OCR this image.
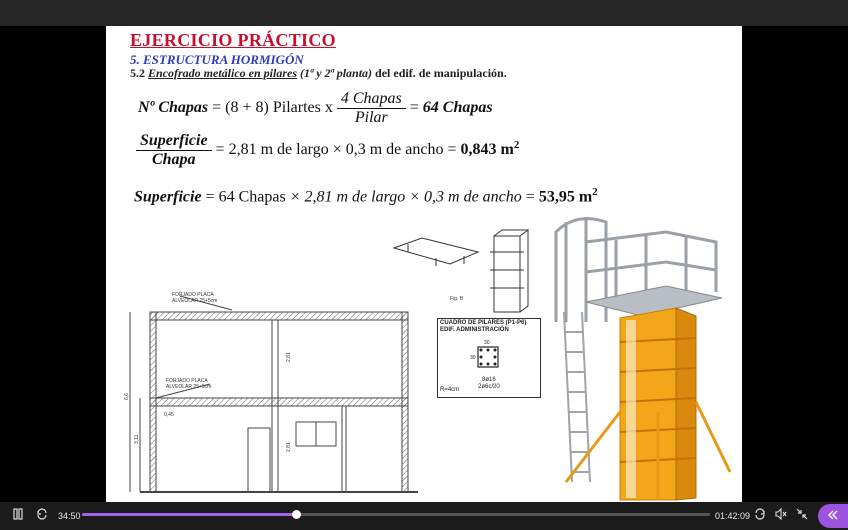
EJERCICIO PRÁCTICO
5. ESTRUCTURA HORMIGÓN
5.2 Encofrado metálico en pilares (1ª y 2ª planta) del edif. de manipulación.
Nº Chapas = (8 + 8) Pilartes x $\frac{\text{4 Chapas}}{\text{Pilar}} = 64$ Chapas
$\frac{\text{Superficie}}{\text{Chapa}} = 2,81$ m de largo × 0,3 m de ancho = 0,843 $m^2$
Superficie = 64 Chapas × 2,81 m de largo × 0,3 m de ancho = 53,95 $m^2$
FORJADO PLACA
ALVEOLAR 25+5cm
FORJADO PLACA
ALVEOLAR 25+5cm
0,45
2,81
2,81
6,6
3,11
Fig. B
CUADRO DE PILARES (P1-P6)
EDIF. ADMINISTRACIÓN
30
30
8ø16
2ø6c/20
R=4cm
34:50	01:42:09
